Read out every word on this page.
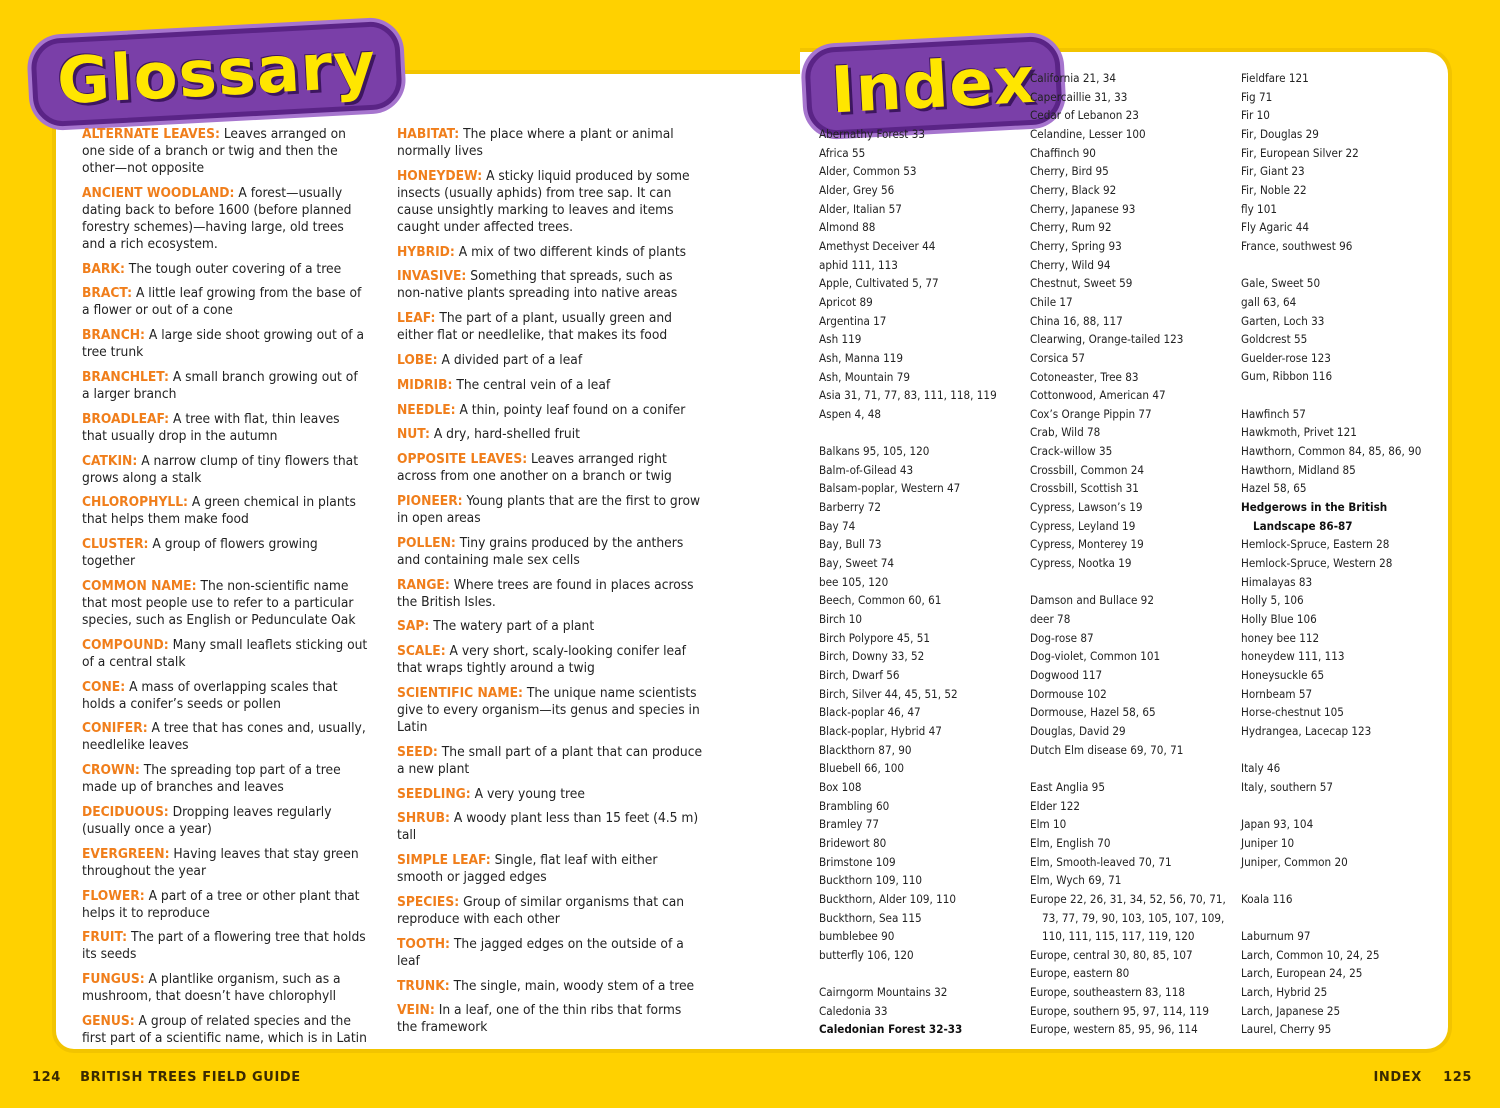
Glossary	Index
ALTERNATE LEAVES: Leaves arranged on one side of a branch or twig and then the other—not opposite
ANCIENT WOODLAND: A forest—usually dating back to before 1600 (before planned forestry schemes)—having large, old trees and a rich ecosystem.
BARK: The tough outer covering of a tree
BRACT: A little leaf growing from the base of a flower or out of a cone
BRANCH: A large side shoot growing out of a tree trunk
BRANCHLET: A small branch growing out of a larger branch
BROADLEAF: A tree with flat, thin leaves that usually drop in the autumn
CATKIN: A narrow clump of tiny flowers that grows along a stalk
CHLOROPHYLL: A green chemical in plants that helps them make food
CLUSTER: A group of flowers growing together
COMMON NAME: The non-scientific name that most people use to refer to a particular species, such as English or Pedunculate Oak
COMPOUND: Many small leaflets sticking out of a central stalk
CONE: A mass of overlapping scales that holds a conifer’s seeds or pollen
CONIFER: A tree that has cones and, usually, needlelike leaves
CROWN: The spreading top part of a tree made up of branches and leaves
DECIDUOUS: Dropping leaves regularly (usually once a year)
EVERGREEN: Having leaves that stay green throughout the year
FLOWER: A part of a tree or other plant that helps it to reproduce
FRUIT: The part of a flowering tree that holds its seeds
FUNGUS: A plantlike organism, such as a mushroom, that doesn’t have chlorophyll
GENUS: A group of related species and the first part of a scientific name, which is in Latin
HABITAT: The place where a plant or animal normally lives
HONEYDEW: A sticky liquid produced by some insects (usually aphids) from tree sap. It can cause unsightly marking to leaves and items caught under affected trees.
HYBRID: A mix of two different kinds of plants
INVASIVE: Something that spreads, such as non-native plants spreading into native areas
LEAF: The part of a plant, usually green and either flat or needlelike, that makes its food
LOBE: A divided part of a leaf
MIDRIB: The central vein of a leaf
NEEDLE: A thin, pointy leaf found on a conifer
NUT: A dry, hard-shelled fruit
OPPOSITE LEAVES: Leaves arranged right across from one another on a branch or twig
PIONEER: Young plants that are the first to grow in open areas
POLLEN: Tiny grains produced by the anthers and containing male sex cells
RANGE: Where trees are found in places across the British Isles.
SAP: The watery part of a plant
SCALE: A very short, scaly-looking conifer leaf that wraps tightly around a twig
SCIENTIFIC NAME: The unique name scientists give to every organism—its genus and species in Latin
SEED: The small part of a plant that can produce a new plant
SEEDLING: A very young tree
SHRUB: A woody plant less than 15 feet (4.5 m) tall
SIMPLE LEAF: Single, flat leaf with either smooth or jagged edges
SPECIES: Group of similar organisms that can reproduce with each other
TOOTH: The jagged edges on the outside of a leaf
TRUNK: The single, main, woody stem of a tree
VEIN: In a leaf, one of the thin ribs that forms the framework
Abernathy Forest 33
Africa 55
Alder, Common 53
Alder, Grey 56
Alder, Italian 57
Almond 88
Amethyst Deceiver 44
aphid 111, 113
Apple, Cultivated 5, 77
Apricot 89
Argentina 17
Ash 119
Ash, Manna 119
Ash, Mountain 79
Asia 31, 71, 77, 83, 111, 118, 119
Aspen 4, 48
Balkans 95, 105, 120
Balm-of-Gilead 43
Balsam-poplar, Western 47
Barberry 72
Bay 74
Bay, Bull 73
Bay, Sweet 74
bee 105, 120
Beech, Common 60, 61
Birch 10
Birch Polypore 45, 51
Birch, Downy 33, 52
Birch, Dwarf 56
Birch, Silver 44, 45, 51, 52
Black-poplar 46, 47
Black-poplar, Hybrid 47
Blackthorn 87, 90
Bluebell 66, 100
Box 108
Brambling 60
Bramley 77
Bridewort 80
Brimstone 109
Buckthorn 109, 110
Buckthorn, Alder 109, 110
Buckthorn, Sea 115
bumblebee 90
butterfly 106, 120
Cairngorm Mountains 32
Caledonia 33
Caledonian Forest 32-33
California 21, 34
Capercaillie 31, 33
Cedar of Lebanon 23
Celandine, Lesser 100
Chaffinch 90
Cherry, Bird 95
Cherry, Black 92
Cherry, Japanese 93
Cherry, Rum 92
Cherry, Spring 93
Cherry, Wild 94
Chestnut, Sweet 59
Chile 17
China 16, 88, 117
Clearwing, Orange-tailed 123
Corsica 57
Cotoneaster, Tree 83
Cottonwood, American 47
Cox’s Orange Pippin 77
Crab, Wild 78
Crack-willow 35
Crossbill, Common 24
Crossbill, Scottish 31
Cypress, Lawson’s 19
Cypress, Leyland 19
Cypress, Monterey 19
Cypress, Nootka 19
Damson and Bullace 92
deer 78
Dog-rose 87
Dog-violet, Common 101
Dogwood 117
Dormouse 102
Dormouse, Hazel 58, 65
Douglas, David 29
Dutch Elm disease 69, 70, 71
East Anglia 95
Elder 122
Elm 10
Elm, English 70
Elm, Smooth-leaved 70, 71
Elm, Wych 69, 71
Europe 22, 26, 31, 34, 52, 56, 70, 71, 73, 77, 79, 90, 103, 105, 107, 109, 110, 111, 115, 117, 119, 120
Europe, central 30, 80, 85, 107
Europe, eastern 80
Europe, southeastern 83, 118
Europe, southern 95, 97, 114, 119
Europe, western 85, 95, 96, 114
Fieldfare 121
Fig 71
Fir 10
Fir, Douglas 29
Fir, European Silver 22
Fir, Giant 23
Fir, Noble 22
fly 101
Fly Agaric 44
France, southwest 96
Gale, Sweet 50
gall 63, 64
Garten, Loch 33
Goldcrest 55
Guelder-rose 123
Gum, Ribbon 116
Hawfinch 57
Hawkmoth, Privet 121
Hawthorn, Common 84, 85, 86, 90
Hawthorn, Midland 85
Hazel 58, 65
Hedgerows in the British Landscape 86-87
Hemlock-Spruce, Eastern 28
Hemlock-Spruce, Western 28
Himalayas 83
Holly 5, 106
Holly Blue 106
honey bee 112
honeydew 111, 113
Honeysuckle 65
Hornbeam 57
Horse-chestnut 105
Hydrangea, Lacecap 123
Italy 46
Italy, southern 57
Japan 93, 104
Juniper 10
Juniper, Common 20
Koala 116
Laburnum 97
Larch, Common 10, 24, 25
Larch, European 24, 25
Larch, Hybrid 25
Larch, Japanese 25
Laurel, Cherry 95
124 BRITISH TREES FIELD GUIDE	INDEX 125
